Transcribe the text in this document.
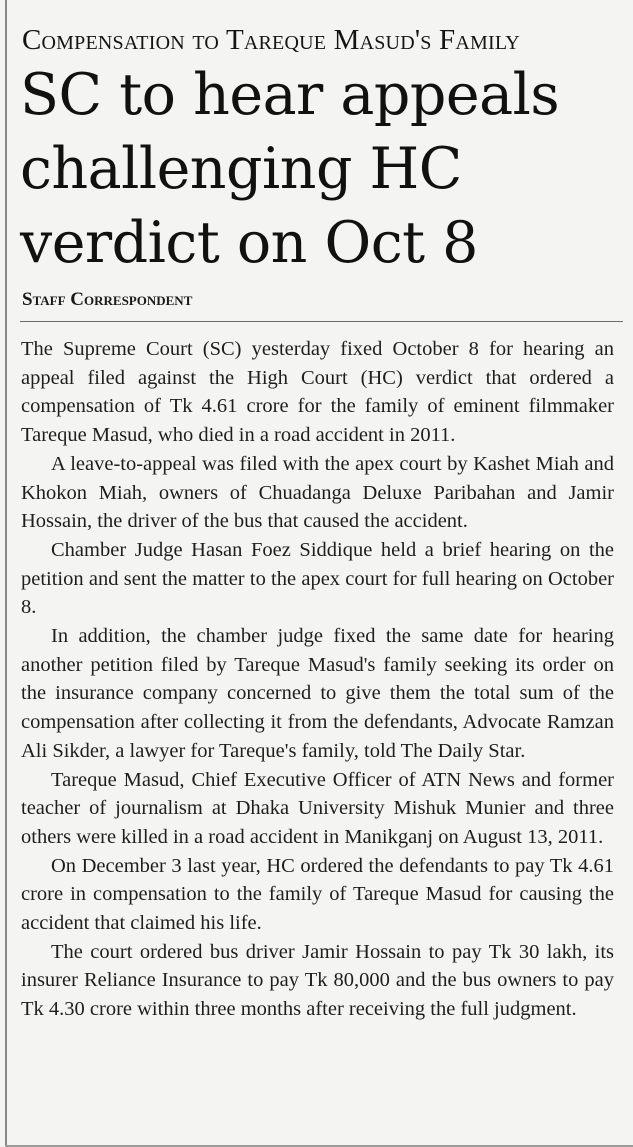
Compensation to Tareque Masud's Family
SC to hear appeals challenging HC verdict on Oct 8
Staff Correspondent

The Supreme Court (SC) yesterday fixed October 8 for hearing an appeal filed against the High Court (HC) verdict that ordered a compensation of Tk 4.61 crore for the family of eminent filmmaker Tareque Masud, who died in a road accident in 2011.

A leave-to-appeal was filed with the apex court by Kashet Miah and Khokon Miah, owners of Chuadanga Deluxe Paribahan and Jamir Hossain, the driver of the bus that caused the accident.

Chamber Judge Hasan Foez Siddique held a brief hearing on the petition and sent the matter to the apex court for full hearing on October 8.

In addition, the chamber judge fixed the same date for hearing another petition filed by Tareque Masud's family seeking its order on the insurance company concerned to give them the total sum of the compensation after collecting it from the defendants, Advocate Ramzan Ali Sikder, a lawyer for Tareque's family, told The Daily Star.

Tareque Masud, Chief Executive Officer of ATN News and former teacher of journalism at Dhaka University Mishuk Munier and three others were killed in a road accident in Manikganj on August 13, 2011.

On December 3 last year, HC ordered the defendants to pay Tk 4.61 crore in compensation to the family of Tareque Masud for causing the accident that claimed his life.

The court ordered bus driver Jamir Hossain to pay Tk 30 lakh, its insurer Reliance Insurance to pay Tk 80,000 and the bus owners to pay Tk 4.30 crore within three months after receiving the full judgment.
